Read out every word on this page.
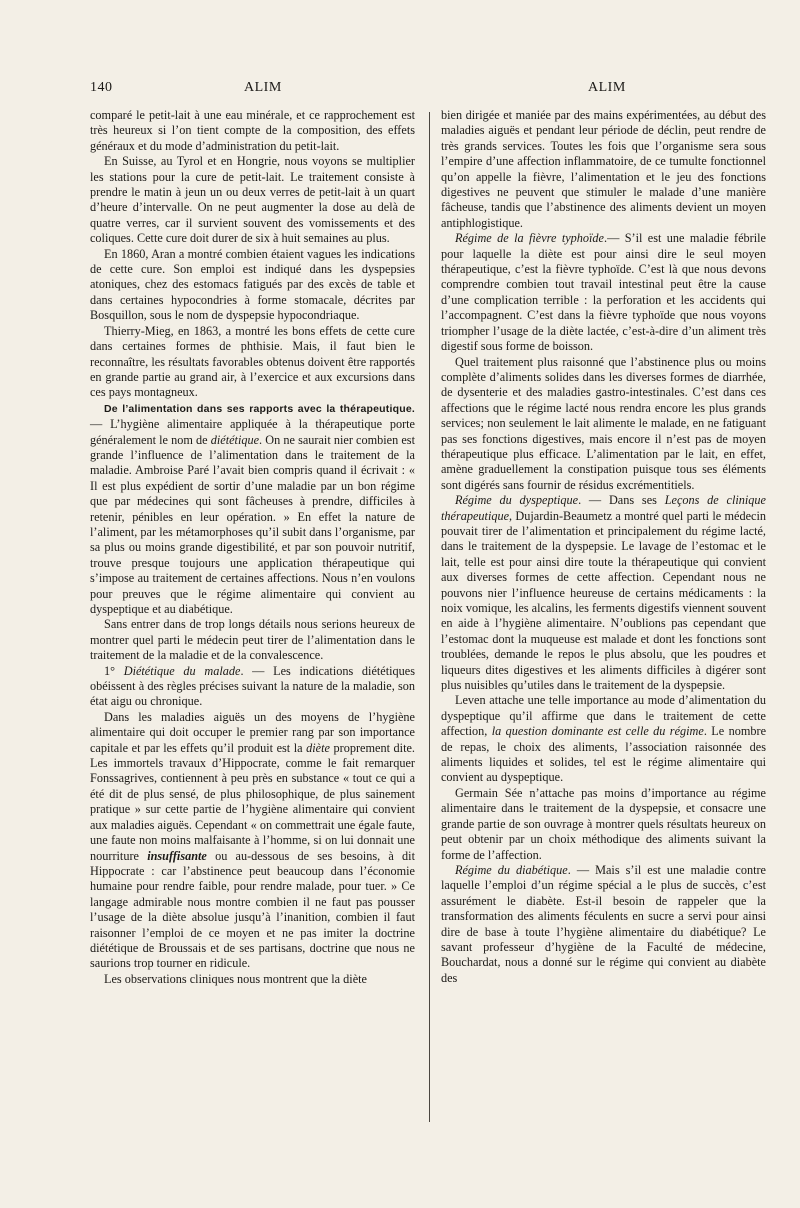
140	ALIM	ALIM

comparé le petit-lait à une eau minérale, et ce rapprochement est très heureux si l’on tient compte de la composition, des effets généraux et du mode d’administration du petit-lait.

En Suisse, au Tyrol et en Hongrie, nous voyons se multiplier les stations pour la cure de petit-lait. Le traitement consiste à prendre le matin à jeun un ou deux verres de petit-lait à un quart d’heure d’intervalle. On ne peut augmenter la dose au delà de quatre verres, car il survient souvent des vomissements et des coliques. Cette cure doit durer de six à huit semaines au plus.

En 1860, Aran a montré combien étaient vagues les indications de cette cure. Son emploi est indiqué dans les dyspepsies atoniques, chez des estomacs fatigués par des excès de table et dans certaines hypocondries à forme stomacale, décrites par Bosquillon, sous le nom de dyspepsie hypocondriaque.

Thierry-Mieg, en 1863, a montré les bons effets de cette cure dans certaines formes de phthisie. Mais, il faut bien le reconnaître, les résultats favorables obtenus doivent être rapportés en grande partie au grand air, à l’exercice et aux excursions dans ces pays montagneux.

De l’alimentation dans ses rapports avec la thérapeutique. — L’hygiène alimentaire appliquée à la thérapeutique porte généralement le nom de diététique. On ne saurait nier combien est grande l’influence de l’alimentation dans le traitement de la maladie. Ambroise Paré l’avait bien compris quand il écrivait : « Il est plus expédient de sortir d’une maladie par un bon régime que par médecines qui sont fâcheuses à prendre, difficiles à retenir, pénibles en leur opération. » En effet la nature de l’aliment, par les métamorphoses qu’il subit dans l’organisme, par sa plus ou moins grande digestibilité, et par son pouvoir nutritif, trouve presque toujours une application thérapeutique qui s’impose au traitement de certaines affections. Nous n’en voulons pour preuves que le régime alimentaire qui convient au dyspeptique et au diabétique.

Sans entrer dans de trop longs détails nous serions heureux de montrer quel parti le médecin peut tirer de l’alimentation dans le traitement de la maladie et de la convalescence.

1° Diététique du malade. — Les indications diététiques obéissent à des règles précises suivant la nature de la maladie, son état aigu ou chronique.

Dans les maladies aiguës un des moyens de l’hygiène alimentaire qui doit occuper le premier rang par son importance capitale et par les effets qu’il produit est la diète proprement dite. Les immortels travaux d’Hippocrate, comme le fait remarquer Fonssagrives, contiennent à peu près en substance « tout ce qui a été dit de plus sensé, de plus philosophique, de plus sainement pratique » sur cette partie de l’hygiène alimentaire qui convient aux maladies aiguës. Cependant « on commettrait une égale faute, une faute non moins malfaisante à l’homme, si on lui donnait une nourriture insuffisante ou au-dessous de ses besoins, à dit Hippocrate : car l’abstinence peut beaucoup dans l’économie humaine pour rendre faible, pour rendre malade, pour tuer. » Ce langage admirable nous montre combien il ne faut pas pousser l’usage de la diète absolue jusqu’à l’inanition, combien il faut raisonner l’emploi de ce moyen et ne pas imiter la doctrine diététique de Broussais et de ses partisans, doctrine que nous ne saurions trop tourner en ridicule.

Les observations cliniques nous montrent que la diète

bien dirigée et maniée par des mains expérimentées, au début des maladies aiguës et pendant leur période de déclin, peut rendre de très grands services. Toutes les fois que l’organisme sera sous l’empire d’une affection inflammatoire, de ce tumulte fonctionnel qu’on appelle la fièvre, l’alimentation et le jeu des fonctions digestives ne peuvent que stimuler le malade d’une manière fâcheuse, tandis que l’abstinence des aliments devient un moyen antiphlogistique.

Régime de la fièvre typhoïde.— S’il est une maladie fébrile pour laquelle la diète est pour ainsi dire le seul moyen thérapeutique, c’est la fièvre typhoïde. C’est là que nous devons comprendre combien tout travail intestinal peut être la cause d’une complication terrible : la perforation et les accidents qui l’accompagnent. C’est dans la fièvre typhoïde que nous voyons triompher l’usage de la diète lactée, c’est-à-dire d’un aliment très digestif sous forme de boisson.

Quel traitement plus raisonné que l’abstinence plus ou moins complète d’aliments solides dans les diverses formes de diarrhée, de dysenterie et des maladies gastro-intestinales. C’est dans ces affections que le régime lacté nous rendra encore les plus grands services; non seulement le lait alimente le malade, en ne fatiguant pas ses fonctions digestives, mais encore il n’est pas de moyen thérapeutique plus efficace. L’alimentation par le lait, en effet, amène graduellement la constipation puisque tous ses éléments sont digérés sans fournir de résidus excrémentitiels.

Régime du dyspeptique. — Dans ses Leçons de clinique thérapeutique, Dujardin-Beaumetz a montré quel parti le médecin pouvait tirer de l’alimentation et principalement du régime lacté, dans le traitement de la dyspepsie. Le lavage de l’estomac et le lait, telle est pour ainsi dire toute la thérapeutique qui convient aux diverses formes de cette affection. Cependant nous ne pouvons nier l’influence heureuse de certains médicaments : la noix vomique, les alcalins, les ferments digestifs viennent souvent en aide à l’hygiène alimentaire. N’oublions pas cependant que l’estomac dont la muqueuse est malade et dont les fonctions sont troublées, demande le repos le plus absolu, que les poudres et liqueurs dites digestives et les aliments difficiles à digérer sont plus nuisibles qu’utiles dans le traitement de la dyspepsie.

Leven attache une telle importance au mode d’alimentation du dyspeptique qu’il affirme que dans le traitement de cette affection, la question dominante est celle du régime. Le nombre de repas, le choix des aliments, l’association raisonnée des aliments liquides et solides, tel est le régime alimentaire qui convient au dyspeptique.

Germain Sée n’attache pas moins d’importance au régime alimentaire dans le traitement de la dyspepsie, et consacre une grande partie de son ouvrage à montrer quels résultats heureux on peut obtenir par un choix méthodique des aliments suivant la forme de l’affection.

Régime du diabétique. — Mais s’il est une maladie contre laquelle l’emploi d’un régime spécial a le plus de succès, c’est assurément le diabète. Est-il besoin de rappeler que la transformation des aliments féculents en sucre a servi pour ainsi dire de base à toute l’hygiène alimentaire du diabétique? Le savant professeur d’hygiène de la Faculté de médecine, Bouchardat, nous a donné sur le régime qui convient au diabète des
